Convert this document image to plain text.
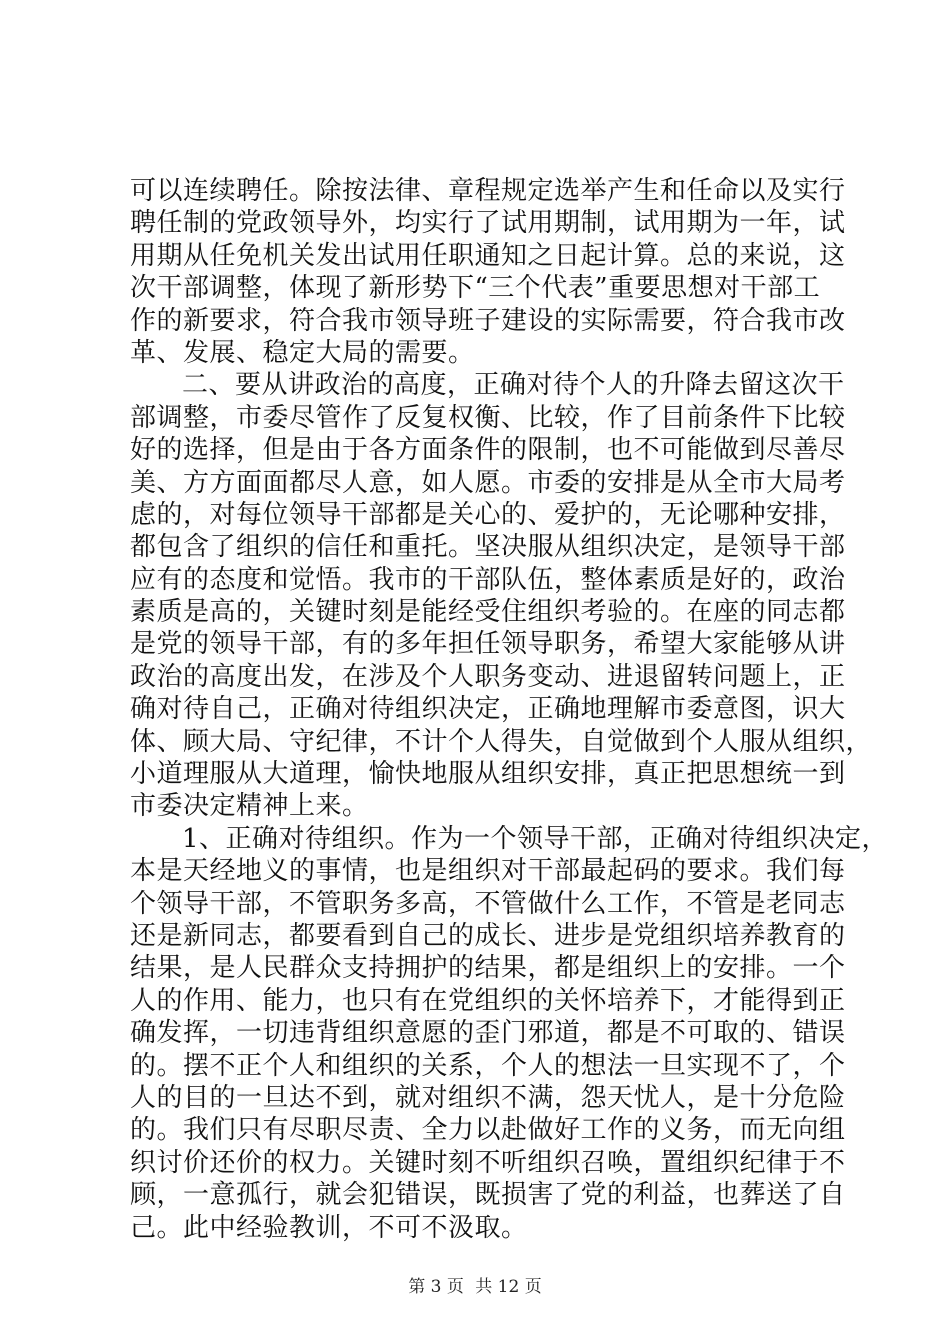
可以连续聘任。除按法律、章程规定选举产生和任命以及实行
聘任制的党政领导外，均实行了试用期制，试用期为一年，试
用期从任免机关发出试用任职通知之日起计算。总的来说，这
次干部调整，体现了新形势下“三个代表”重要思想对干部工
作的新要求，符合我市领导班子建设的实际需要，符合我市改
革、发展、稳定大局的需要。
二、要从讲政治的高度，正确对待个人的升降去留这次干
部调整，市委尽管作了反复权衡、比较，作了目前条件下比较
好的选择，但是由于各方面条件的限制，也不可能做到尽善尽
美、方方面面都尽人意，如人愿。市委的安排是从全市大局考
虑的，对每位领导干部都是关心的、爱护的，无论哪种安排，
都包含了组织的信任和重托。坚决服从组织决定，是领导干部
应有的态度和觉悟。我市的干部队伍，整体素质是好的，政治
素质是高的，关键时刻是能经受住组织考验的。在座的同志都
是党的领导干部，有的多年担任领导职务，希望大家能够从讲
政治的高度出发，在涉及个人职务变动、进退留转问题上，正
确对待自己，正确对待组织决定，正确地理解市委意图，识大
体、顾大局、守纪律，不计个人得失，自觉做到个人服从组织，
小道理服从大道理，愉快地服从组织安排，真正把思想统一到
市委决定精神上来。
1、正确对待组织。作为一个领导干部，正确对待组织决定，
本是天经地义的事情，也是组织对干部最起码的要求。我们每
个领导干部，不管职务多高，不管做什么工作，不管是老同志
还是新同志，都要看到自己的成长、进步是党组织培养教育的
结果，是人民群众支持拥护的结果，都是组织上的安排。一个
人的作用、能力，也只有在党组织的关怀培养下，才能得到正
确发挥，一切违背组织意愿的歪门邪道，都是不可取的、错误
的。摆不正个人和组织的关系，个人的想法一旦实现不了，个
人的目的一旦达不到，就对组织不满，怨天忧人，是十分危险
的。我们只有尽职尽责、全力以赴做好工作的义务，而无向组
织讨价还价的权力。关键时刻不听组织召唤，置组织纪律于不
顾，一意孤行，就会犯错误，既损害了党的利益，也葬送了自
己。此中经验教训，不可不汲取。
第 3 页 共 12 页
